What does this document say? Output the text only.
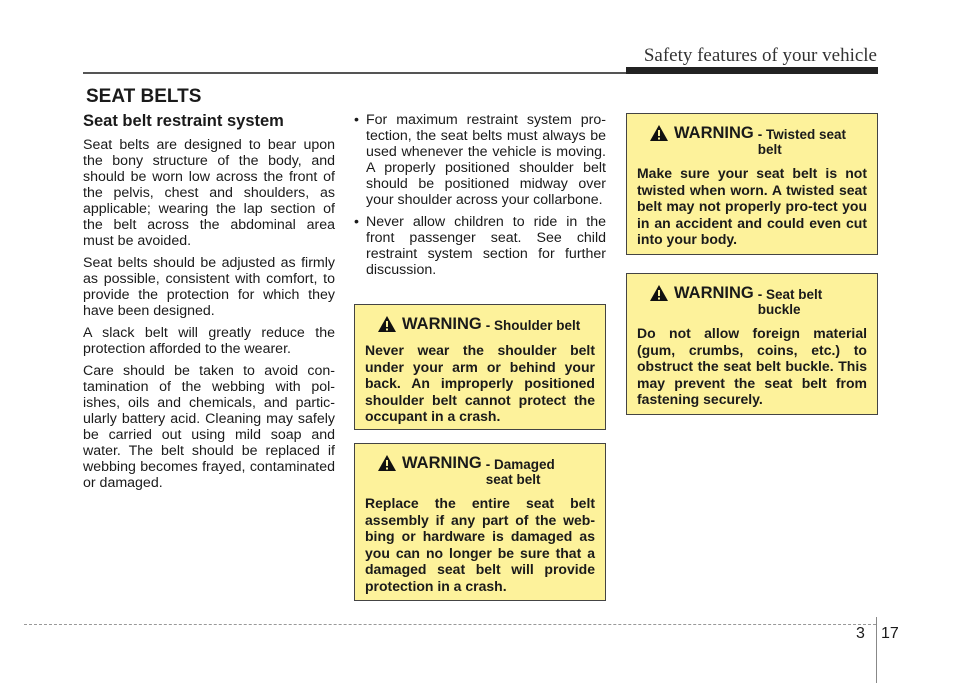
Safety features of your vehicle
SEAT BELTS
Seat belt restraint system

Seat belts are designed to bear upon the bony structure of the body, and should be worn low across the front of the pelvis, chest and shoulders, as applicable; wearing the lap section of the belt across the abdominal area must be avoided.

Seat belts should be adjusted as firmly as possible, consistent with comfort, to provide the protection for which they have been designed.

A slack belt will greatly reduce the protection afforded to the wearer.

Care should be taken to avoid con-tamination of the webbing with pol-ishes, oils and chemicals, and partic-ularly battery acid. Cleaning may safely be carried out using mild soap and water. The belt should be replaced if webbing becomes frayed, contaminated or damaged.

• For maximum restraint system pro-tection, the seat belts must always be used whenever the vehicle is moving. A properly positioned shoulder belt should be positioned midway over your shoulder across your collarbone.
• Never allow children to ride in the front passenger seat. See child restraint system section for further discussion.
WARNING - Shoulder belt
Never wear the shoulder belt under your arm or behind your back. An improperly positioned shoulder belt cannot protect the occupant in a crash.
WARNING - Damaged seat belt
Replace the entire seat belt assembly if any part of the web-bing or hardware is damaged as you can no longer be sure that a damaged seat belt will provide protection in a crash.
WARNING - Twisted seat belt
Make sure your seat belt is not twisted when worn. A twisted seat belt may not properly pro-tect you in an accident and could even cut into your body.
WARNING - Seat belt buckle
Do not allow foreign material (gum, crumbs, coins, etc.) to obstruct the seat belt buckle. This may prevent the seat belt from fastening securely.
3 17
